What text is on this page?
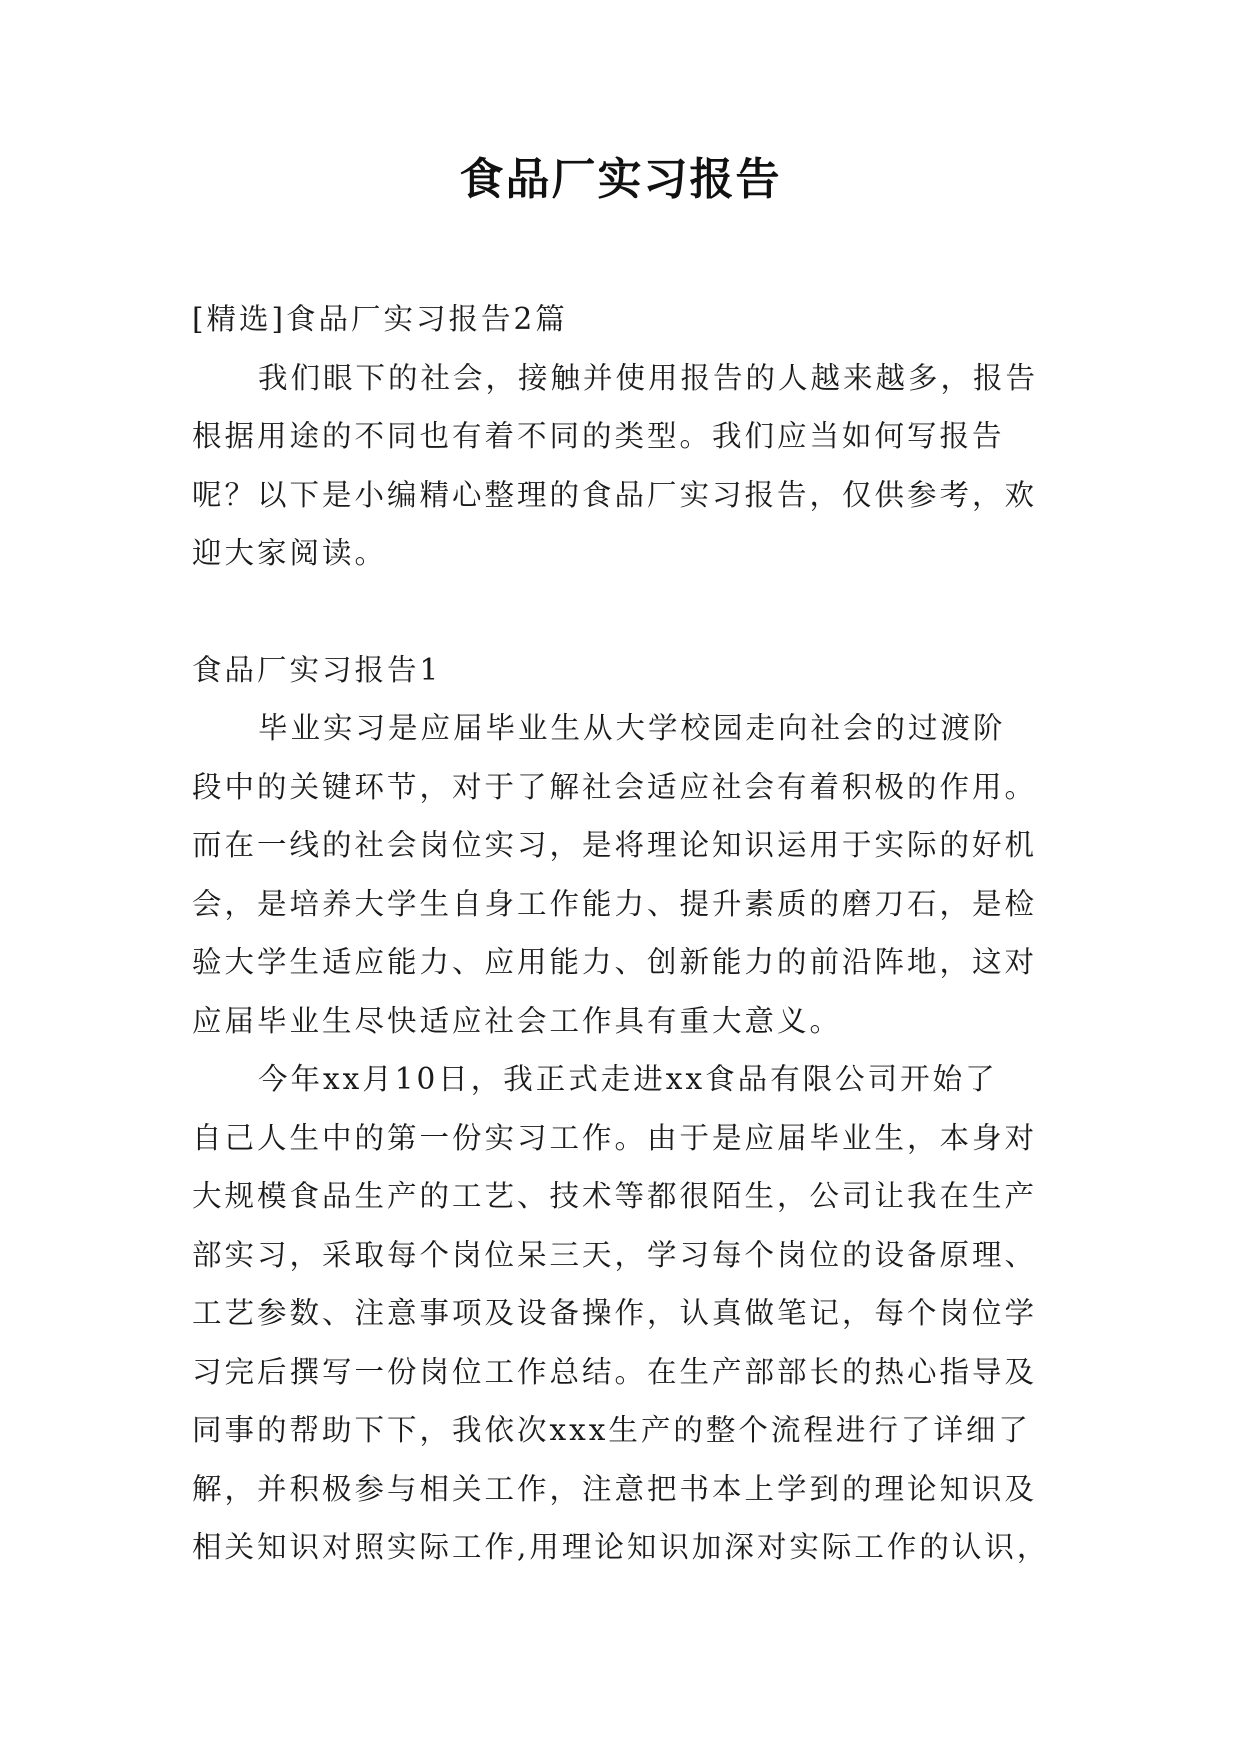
食品厂实习报告
[精选]食品厂实习报告2篇
我们眼下的社会，接触并使用报告的人越来越多，报告
根据用途的不同也有着不同的类型。我们应当如何写报告
呢？以下是小编精心整理的食品厂实习报告，仅供参考，欢
迎大家阅读。
食品厂实习报告1
毕业实习是应届毕业生从大学校园走向社会的过渡阶
段中的关键环节，对于了解社会适应社会有着积极的作用。
而在一线的社会岗位实习，是将理论知识运用于实际的好机
会，是培养大学生自身工作能力、提升素质的磨刀石，是检
验大学生适应能力、应用能力、创新能力的前沿阵地，这对
应届毕业生尽快适应社会工作具有重大意义。
今年xx月10日，我正式走进xx食品有限公司开始了
自己人生中的第一份实习工作。由于是应届毕业生，本身对
大规模食品生产的工艺、技术等都很陌生，公司让我在生产
部实习，采取每个岗位呆三天，学习每个岗位的设备原理、
工艺参数、注意事项及设备操作，认真做笔记，每个岗位学
习完后撰写一份岗位工作总结。在生产部部长的热心指导及
同事的帮助下下，我依次xxx生产的整个流程进行了详细了
解，并积极参与相关工作，注意把书本上学到的理论知识及
相关知识对照实际工作,用理论知识加深对实际工作的认识，
